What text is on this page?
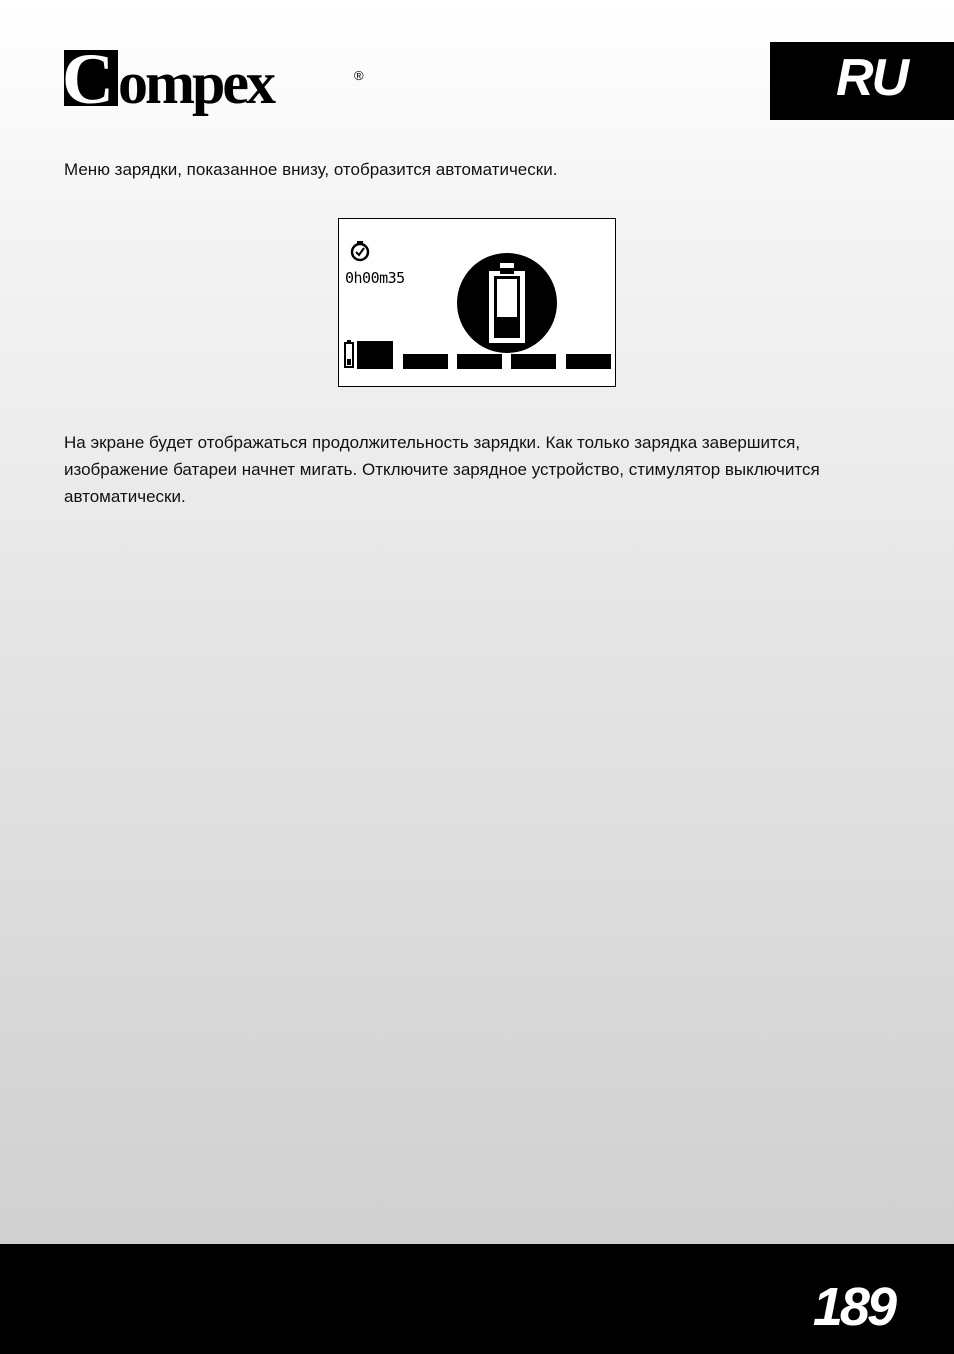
C ompex	®	RU

Меню зарядки, показанное внизу, отобразится автоматически.

0h00m35

На экране будет отображаться продолжительность зарядки. Как только зарядка завершится, изображение батареи начнет мигать. Отключите зарядное устройство, стимулятор выключится автоматически.

189
